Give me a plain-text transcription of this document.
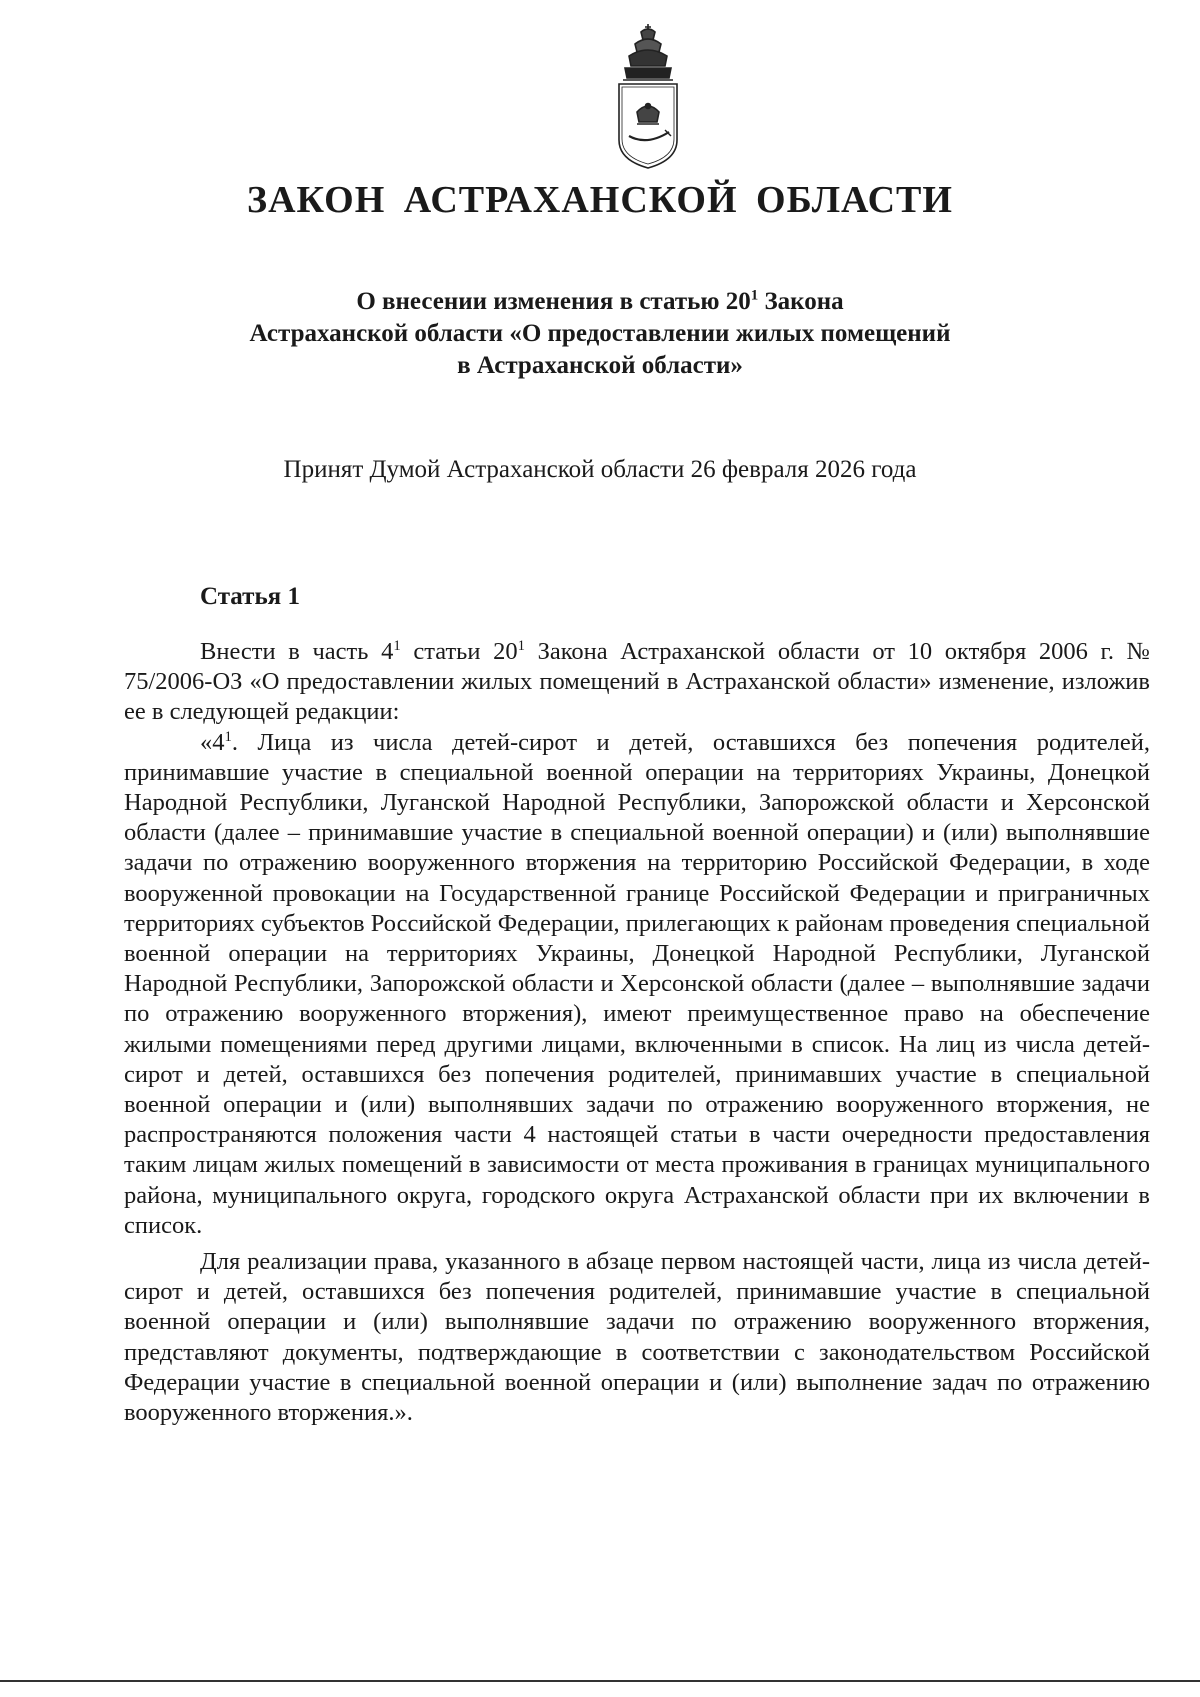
ЗАКОН АСТРАХАНСКОЙ ОБЛАСТИ
О внесении изменения в статью $20^1$ Закона
Астраханской области «О предоставлении жилых помещений
в Астраханской области»
Принят Думой Астраханской области 26 февраля 2026 года
Статья 1

Внести в часть $4^1$ статьи $20^1$ Закона Астраханской области от 10 октября 2006 г. № 75/2006-ОЗ «О предоставлении жилых помещений в Астраханской области» изменение, изложив ее в следующей редакции:

«$4^1$. Лица из числа детей-сирот и детей, оставшихся без попечения родителей, принимавшие участие в специальной военной операции на территориях Украины, Донецкой Народной Республики, Луганской Народной Республики, Запорожской области и Херсонской области (далее – принимавшие участие в специальной военной операции) и (или) выполнявшие задачи по отражению вооруженного вторжения на территорию Российской Федерации, в ходе вооруженной провокации на Государственной границе Российской Федерации и приграничных территориях субъектов Российской Федерации, прилегающих к районам проведения специальной военной операции на территориях Украины, Донецкой Народной Республики, Луганской Народной Республики, Запорожской области и Херсонской области (далее – выполнявшие задачи по отражению вооруженного вторжения), имеют преимущественное право на обеспечение жилыми помещениями перед другими лицами, включенными в список. На лиц из числа детей-сирот и детей, оставшихся без попечения родителей, принимавших участие в специальной военной операции и (или) выполнявших задачи по отражению вооруженного вторжения, не распространяются положения части 4 настоящей статьи в части очередности предоставления таким лицам жилых помещений в зависимости от места проживания в границах муниципального района, муниципального округа, городского округа Астраханской области при их включении в список.

Для реализации права, указанного в абзаце первом настоящей части, лица из числа детей-сирот и детей, оставшихся без попечения родителей, принимавшие участие в специальной военной операции и (или) выполнявшие задачи по отражению вооруженного вторжения, представляют документы, подтверждающие в соответствии с законодательством Российской Федерации участие в специальной военной операции и (или) выполнение задач по отражению вооруженного вторжения.».
